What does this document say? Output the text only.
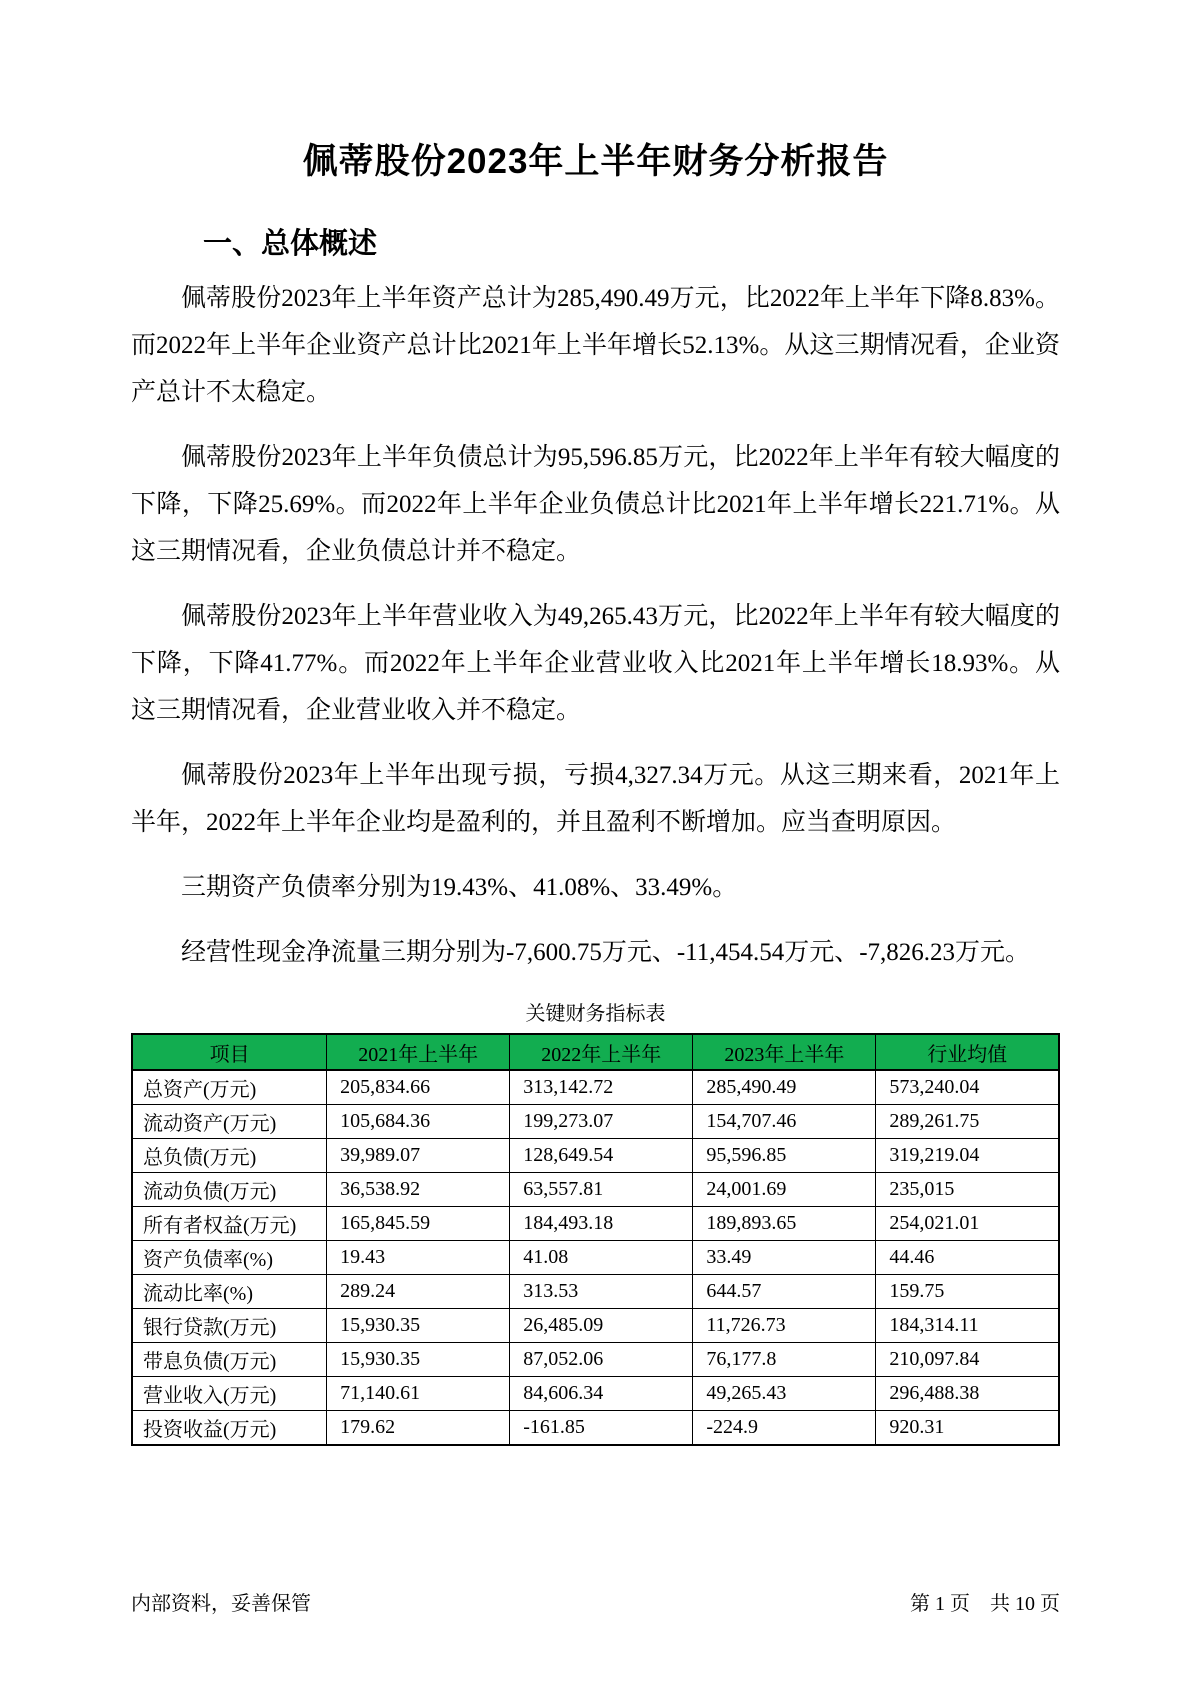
佩蒂股份2023年上半年财务分析报告
一、总体概述

佩蒂股份2023年上半年资产总计为285,490.49万元，比2022年上半年下降8.83%。而2022年上半年企业资产总计比2021年上半年增长52.13%。从这三期情况看，企业资产总计不太稳定。

佩蒂股份2023年上半年负债总计为95,596.85万元，比2022年上半年有较大幅度的下降，下降25.69%。而2022年上半年企业负债总计比2021年上半年增长221.71%。从这三期情况看，企业负债总计并不稳定。

佩蒂股份2023年上半年营业收入为49,265.43万元，比2022年上半年有较大幅度的下降，下降41.77%。而2022年上半年企业营业收入比2021年上半年增长18.93%。从这三期情况看，企业营业收入并不稳定。

佩蒂股份2023年上半年出现亏损，亏损4,327.34万元。从这三期来看，2021年上半年，2022年上半年企业均是盈利的，并且盈利不断增加。应当查明原因。

三期资产负债率分别为19.43%、41.08%、33.49%。

经营性现金净流量三期分别为-7,600.75万元、-11,454.54万元、-7,826.23万元。

关键财务指标表
项目	2021年上半年	2022年上半年	2023年上半年	行业均值
总资产(万元)	205,834.66	313,142.72	285,490.49	573,240.04
流动资产(万元)	105,684.36	199,273.07	154,707.46	289,261.75
总负债(万元)	39,989.07	128,649.54	95,596.85	319,219.04
流动负债(万元)	36,538.92	63,557.81	24,001.69	235,015
所有者权益(万元)	165,845.59	184,493.18	189,893.65	254,021.01
资产负债率(%)	19.43	41.08	33.49	44.46
流动比率(%)	289.24	313.53	644.57	159.75
银行贷款(万元)	15,930.35	26,485.09	11,726.73	184,314.11
带息负债(万元)	15,930.35	87,052.06	76,177.8	210,097.84
营业收入(万元)	71,140.61	84,606.34	49,265.43	296,488.38
投资收益(万元)	179.62	-161.85	-224.9	920.31
内部资料，妥善保管	第 1 页　共 10 页
